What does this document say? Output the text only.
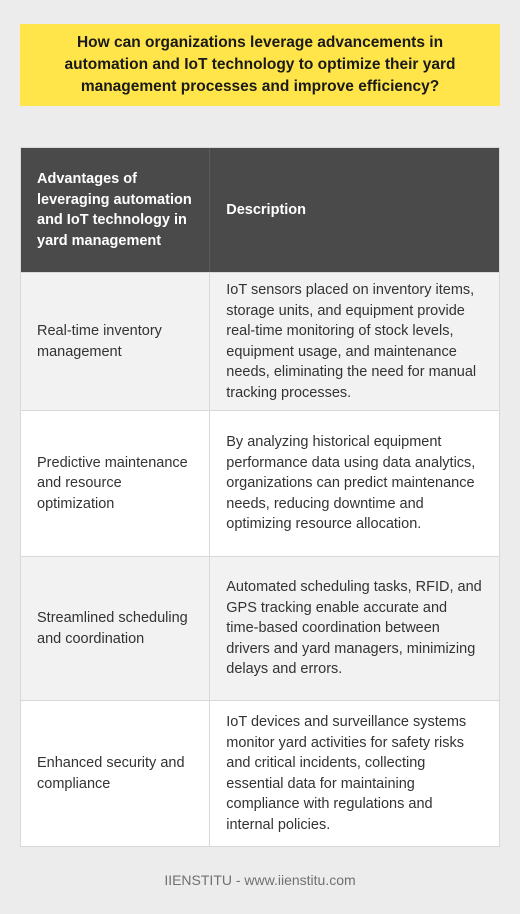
How can organizations leverage advancements in automation and IoT technology to optimize their yard management processes and improve efficiency?
Advantages of leveraging automation and IoT technology in yard management
Description
Real-time inventory management
IoT sensors placed on inventory items, storage units, and equipment provide real-time monitoring of stock levels, equipment usage, and maintenance needs, eliminating the need for manual tracking processes.
Predictive maintenance and resource optimization
By analyzing historical equipment performance data using data analytics, organizations can predict maintenance needs, reducing downtime and optimizing resource allocation.
Streamlined scheduling and coordination
Automated scheduling tasks, RFID, and GPS tracking enable accurate and time-based coordination between drivers and yard managers, minimizing delays and errors.
Enhanced security and compliance
IoT devices and surveillance systems monitor yard activities for safety risks and critical incidents, collecting essential data for maintaining compliance with regulations and internal policies.
IIENSTITU - www.iienstitu.com
